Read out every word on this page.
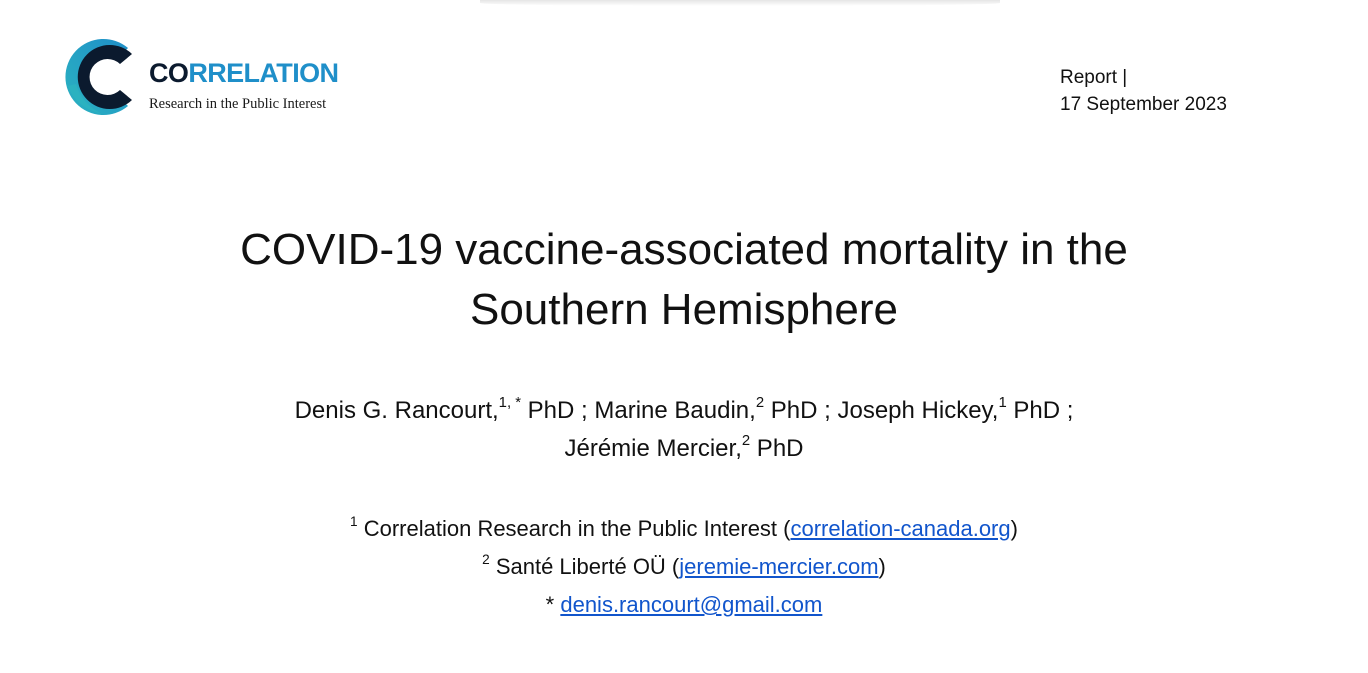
CORRELATION
Research in the Public Interest
Report |
17 September 2023
COVID-19 vaccine-associated mortality in the
Southern Hemisphere
Denis G. Rancourt,$^{1, *}$ PhD ; Marine Baudin,$^2$ PhD ; Joseph Hickey,$^1$ PhD ;
Jérémie Mercier,$^2$ PhD
$^1$ Correlation Research in the Public Interest (correlation-canada.org)
$^2$ Santé Liberté OÜ (jeremie-mercier.com)
* denis.rancourt@gmail.com
